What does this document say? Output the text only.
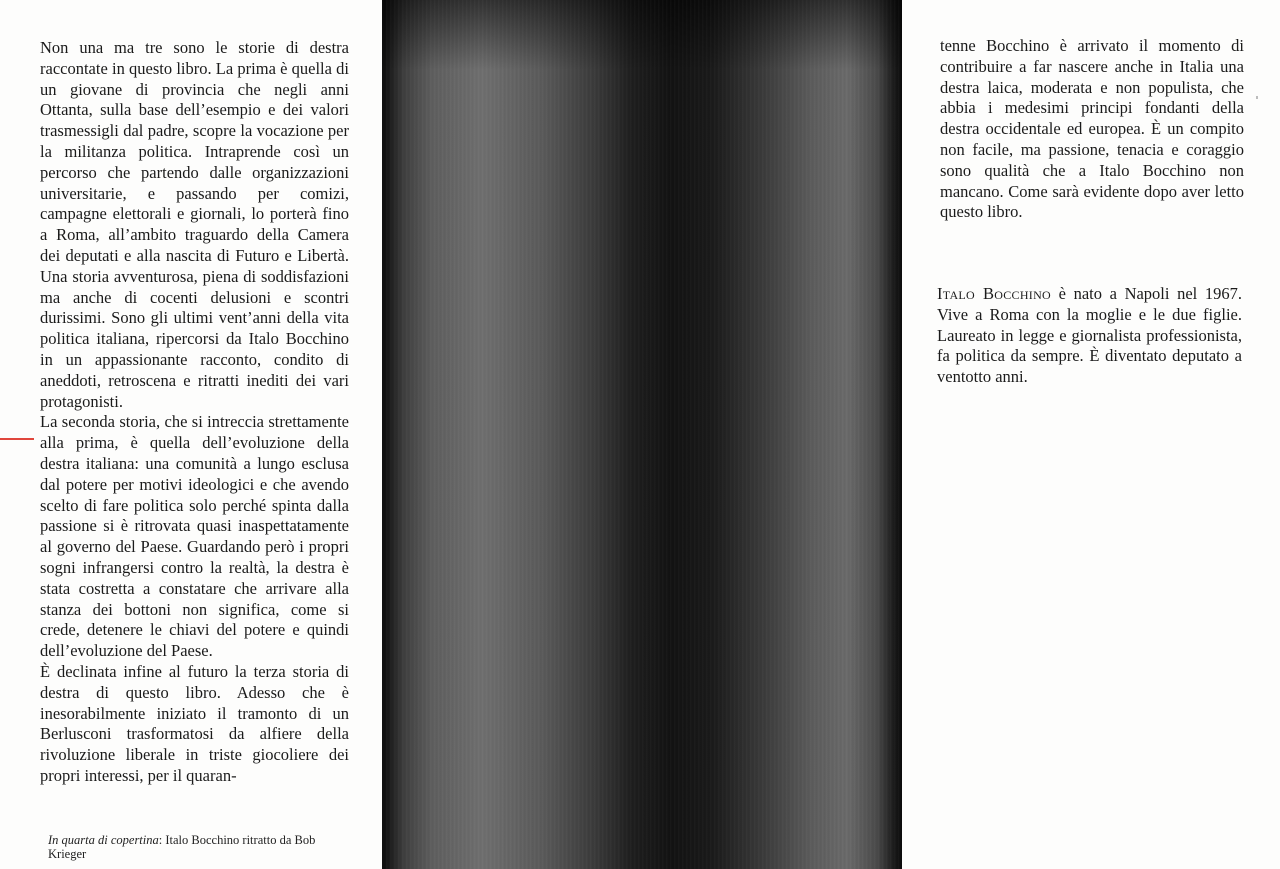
Non una ma tre sono le storie di destra raccontate in questo libro. La prima è quella di un giovane di provincia che negli anni Ottanta, sulla base dell’esempio e dei valori trasmessigli dal padre, scopre la vocazione per la militanza politica. Intraprende così un percorso che partendo dalle organizzazioni universitarie, e passando per comizi, campagne elettorali e giornali, lo porterà fino a Roma, all’ambito traguardo della Camera dei deputati e alla nascita di Futuro e Libertà. Una storia avventurosa, piena di soddisfazioni ma anche di cocenti delusioni e scontri durissimi. Sono gli ultimi vent’anni della vita politica italiana, ripercorsi da Italo Bocchino in un appassionante racconto, condito di aneddoti, retroscena e ritratti inediti dei vari protagonisti.

La seconda storia, che si intreccia strettamente alla prima, è quella dell’evoluzione della destra italiana: una comunità a lungo esclusa dal potere per motivi ideologici e che avendo scelto di fare politica solo perché spinta dalla passione si è ritrovata quasi inaspettatamente al governo del Paese. Guardando però i propri sogni infrangersi contro la realtà, la destra è stata costretta a constatare che arrivare alla stanza dei bottoni non significa, come si crede, detenere le chiavi del potere e quindi dell’evoluzione del Paese.

È declinata infine al futuro la terza storia di destra di questo libro. Adesso che è inesorabilmente iniziato il tramonto di un Berlusconi trasformatosi da alfiere della rivoluzione liberale in triste giocoliere dei propri interessi, per il quaran-

In quarta di copertina: Italo Bocchino ritratto da Bob Krieger

tenne Bocchino è arrivato il momento di contribuire a far nascere anche in Italia una destra laica, moderata e non populista, che abbia i medesimi principi fondanti della destra occidentale ed europea. È un compito non facile, ma passione, tenacia e coraggio sono qualità che a Italo Bocchino non mancano. Come sarà evidente dopo aver letto questo libro.

Italo Bocchino è nato a Napoli nel 1967. Vive a Roma con la moglie e le due figlie. Laureato in legge e giornalista professionista, fa politica da sempre. È diventato deputato a ventotto anni.
